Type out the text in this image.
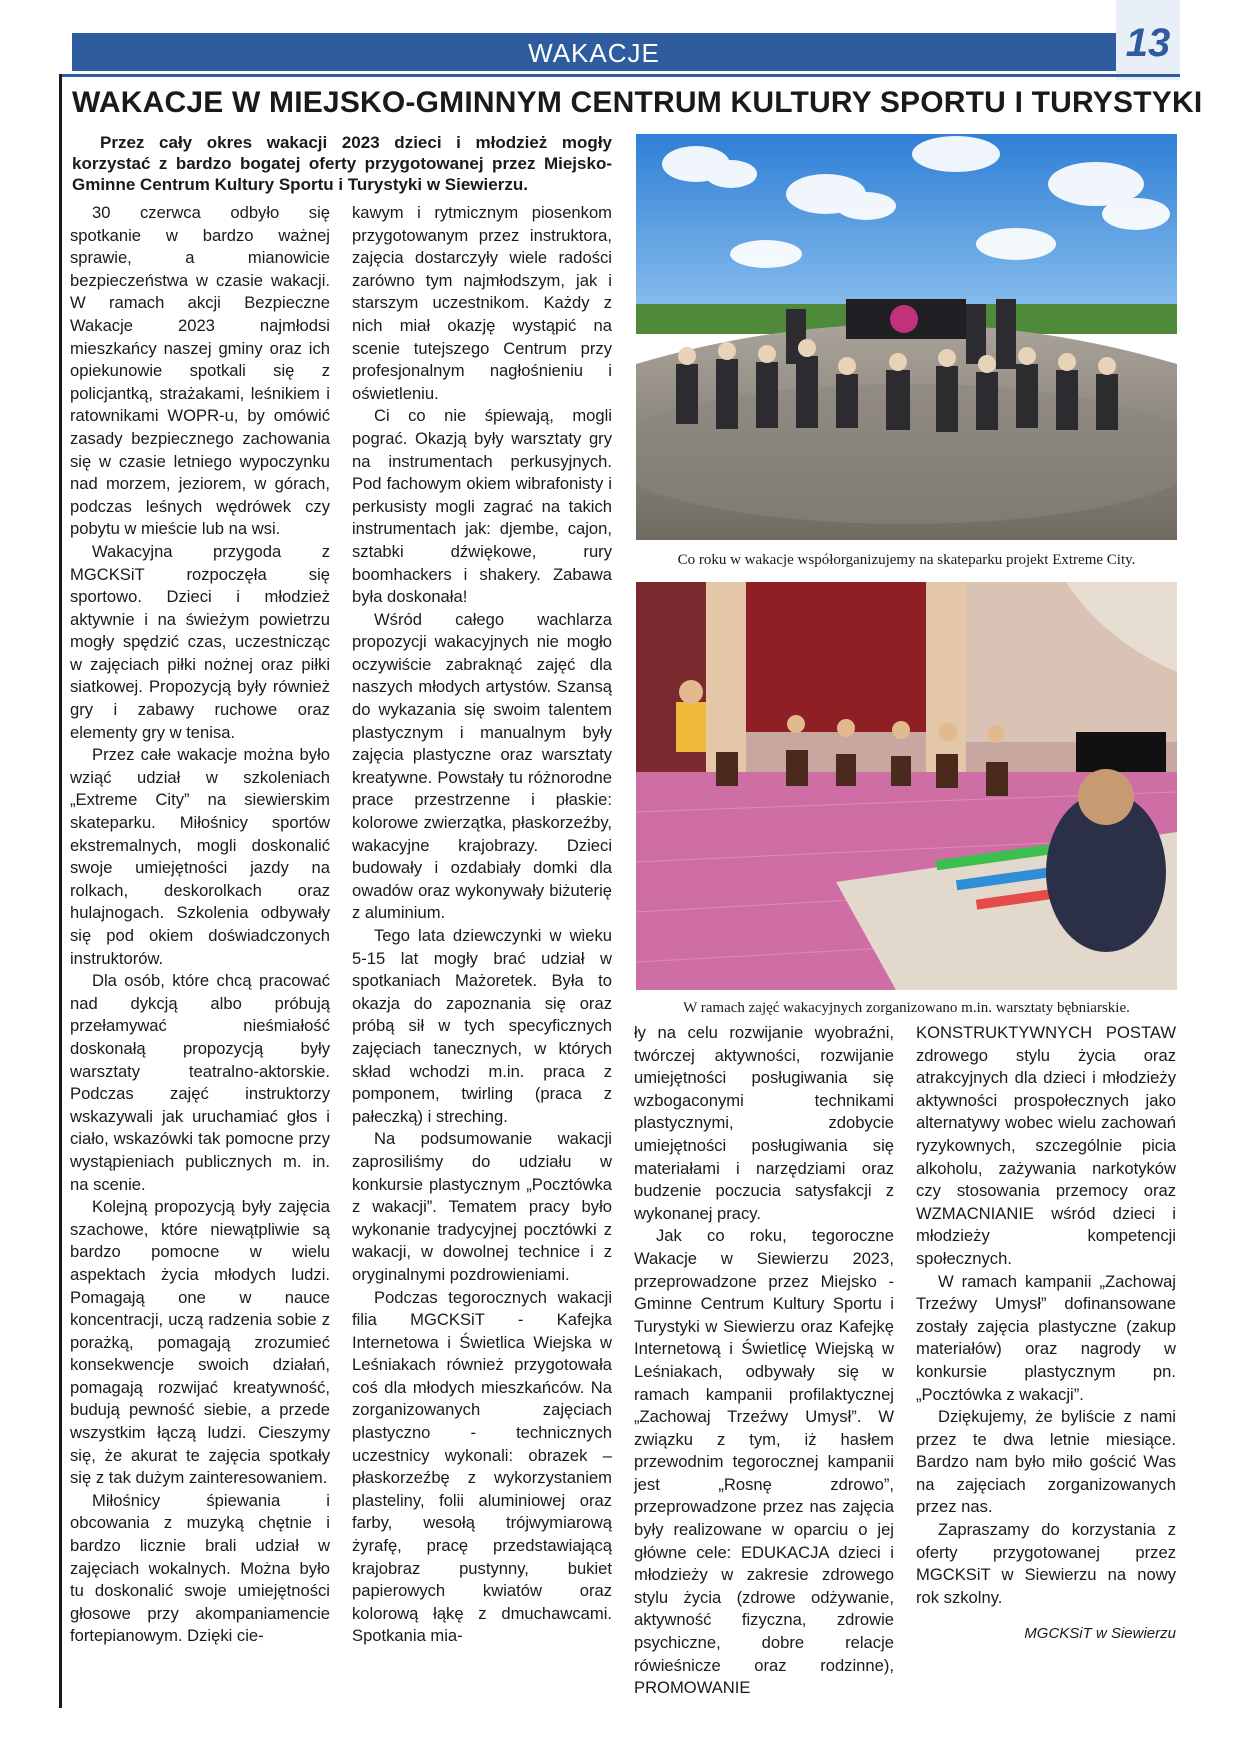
WAKACJE	13
WAKACJE W MIEJSKO-GMINNYM CENTRUM KULTURY SPORTU I TURYSTYKI
Przez cały okres wakacji 2023 dzieci i młodzież mogły korzystać z bardzo bogatej oferty przygotowanej przez Miejsko-Gminne Centrum Kultury Sportu i Turystyki w Siewierzu.

30 czerwca odbyło się spotkanie w bardzo ważnej sprawie, a mianowicie bezpieczeństwa w czasie wakacji. W ramach akcji Bezpieczne Wakacje 2023 najmłodsi mieszkańcy naszej gminy oraz ich opiekunowie spotkali się z policjantką, strażakami, leśnikiem i ratownikami WOPR-u, by omówić zasady bezpiecznego zachowania się w czasie letniego wypoczynku nad morzem, jeziorem, w górach, podczas leśnych wędrówek czy pobytu w mieście lub na wsi.

Wakacyjna przygoda z MGCKSiT rozpoczęła się sportowo. Dzieci i młodzież aktywnie i na świeżym powietrzu mogły spędzić czas, uczestnicząc w zajęciach piłki nożnej oraz piłki siatkowej. Propozycją były również gry i zabawy ruchowe oraz elementy gry w tenisa.

Przez całe wakacje można było wziąć udział w szkoleniach „Extreme City” na siewierskim skateparku. Miłośnicy sportów ekstremalnych, mogli doskonalić swoje umiejętności jazdy na rolkach, deskorolkach oraz hulajnogach. Szkolenia odbywały się pod okiem doświadczonych instruktorów.

Dla osób, które chcą pracować nad dykcją albo próbują przełamywać nieśmiałość doskonałą propozycją były warsztaty teatralno-aktorskie. Podczas zajęć instruktorzy wskazywali jak uruchamiać głos i ciało, wskazówki tak pomocne przy wystąpieniach publicznych m. in. na scenie.

Kolejną propozycją były zajęcia szachowe, które niewątpliwie są bardzo pomocne w wielu aspektach życia młodych ludzi. Pomagają one w nauce koncentracji, uczą radzenia sobie z porażką, pomagają zrozumieć konsekwencje swoich działań, pomagają rozwijać kreatywność, budują pewność siebie, a przede wszystkim łączą ludzi. Cieszymy się, że akurat te zajęcia spotkały się z tak dużym zainteresowaniem.

Miłośnicy śpiewania i obcowania z muzyką chętnie i bardzo licznie brali udział w zajęciach wokalnych. Można było tu doskonalić swoje umiejętności głosowe przy akompaniamencie fortepianowym. Dzięki cie-

kawym i rytmicznym piosenkom przygotowanym przez instruktora, zajęcia dostarczyły wiele radości zarówno tym najmłodszym, jak i starszym uczestnikom. Każdy z nich miał okazję wystąpić na scenie tutejszego Centrum przy profesjonalnym nagłośnieniu i oświetleniu.

Ci co nie śpiewają, mogli pograć. Okazją były warsztaty gry na instrumentach perkusyjnych. Pod fachowym okiem wibrafonisty i perkusisty mogli zagrać na takich instrumentach jak: djembe, cajon, sztabki dźwiękowe, rury boomhackers i shakery. Zabawa była doskonała!

Wśród całego wachlarza propozycji wakacyjnych nie mogło oczywiście zabraknąć zajęć dla naszych młodych artystów. Szansą do wykazania się swoim talentem plastycznym i manualnym były zajęcia plastyczne oraz warsztaty kreatywne. Powstały tu różnorodne prace przestrzenne i płaskie: kolorowe zwierzątka, płaskorzeźby, wakacyjne krajobrazy. Dzieci budowały i ozdabiały domki dla owadów oraz wykonywały biżuterię z aluminium.

Tego lata dziewczynki w wieku 5-15 lat mogły brać udział w spotkaniach Mażoretek. Była to okazja do zapoznania się oraz próbą sił w tych specyficznych zajęciach tanecznych, w których skład wchodzi m.in. praca z pomponem, twirling (praca z pałeczką) i streching.

Na podsumowanie wakacji zaprosiliśmy do udziału w konkursie plastycznym „Pocztówka z wakacji”. Tematem pracy było wykonanie tradycyjnej pocztówki z wakacji, w dowolnej technice i z oryginalnymi pozdrowieniami.

Podczas tegorocznych wakacji filia MGCKSiT - Kafejka Internetowa i Świetlica Wiejska w Leśniakach również przygotowała coś dla młodych mieszkańców. Na zorganizowanych zajęciach plastyczno - technicznych uczestnicy wykonali: obrazek – płaskorzeźbę z wykorzystaniem plasteliny, folii aluminiowej oraz farby, wesołą trójwymiarową żyrafę, pracę przedstawiającą krajobraz pustynny, bukiet papierowych kwiatów oraz kolorową łąkę z dmuchawcami. Spotkania mia-

ły na celu rozwijanie wyobraźni, twórczej aktywności, rozwijanie umiejętności posługiwania się wzbogaconymi technikami plastycznymi, zdobycie umiejętności posługiwania się materiałami i narzędziami oraz budzenie poczucia satysfakcji z wykonanej pracy.

Jak co roku, tegoroczne Wakacje w Siewierzu 2023, przeprowadzone przez Miejsko -Gminne Centrum Kultury Sportu i Turystyki w Siewierzu oraz Kafejkę Internetową i Świetlicę Wiejską w Leśniakach, odbywały się w ramach kampanii profilaktycznej „Zachowaj Trzeźwy Umysł”. W związku z tym, iż hasłem przewodnim tegorocznej kampanii jest „Rosnę zdrowo”, przeprowadzone przez nas zajęcia były realizowane w oparciu o jej główne cele: EDUKACJA dzieci i młodzieży w zakresie zdrowego stylu życia (zdrowe odżywanie, aktywność fizyczna, zdrowie psychiczne, dobre relacje rówieśnicze oraz rodzinne), PROMOWANIE

KONSTRUKTYWNYCH POSTAW zdrowego stylu życia oraz atrakcyjnych dla dzieci i młodzieży aktywności prospołecznych jako alternatywy wobec wielu zachowań ryzykownych, szczególnie picia alkoholu, zażywania narkotyków czy stosowania przemocy oraz WZMACNIANIE wśród dzieci i młodzieży kompetencji społecznych.

W ramach kampanii „Zachowaj Trzeźwy Umysł” dofinansowane zostały zajęcia plastyczne (zakup materiałów) oraz nagrody w konkursie plastycznym pn. „Pocztówka z wakacji”.

Dziękujemy, że byliście z nami przez te dwa letnie miesiące. Bardzo nam było miło gościć Was na zajęciach zorganizowanych przez nas.

Zapraszamy do korzystania z oferty przygotowanej przez MGCKSiT w Siewierzu na nowy rok szkolny.

MGCKSiT w Siewierzu
Co roku w wakacje współorganizujemy na skateparku projekt Extreme City.
W ramach zajęć wakacyjnych zorganizowano m.in. warsztaty bębniarskie.
